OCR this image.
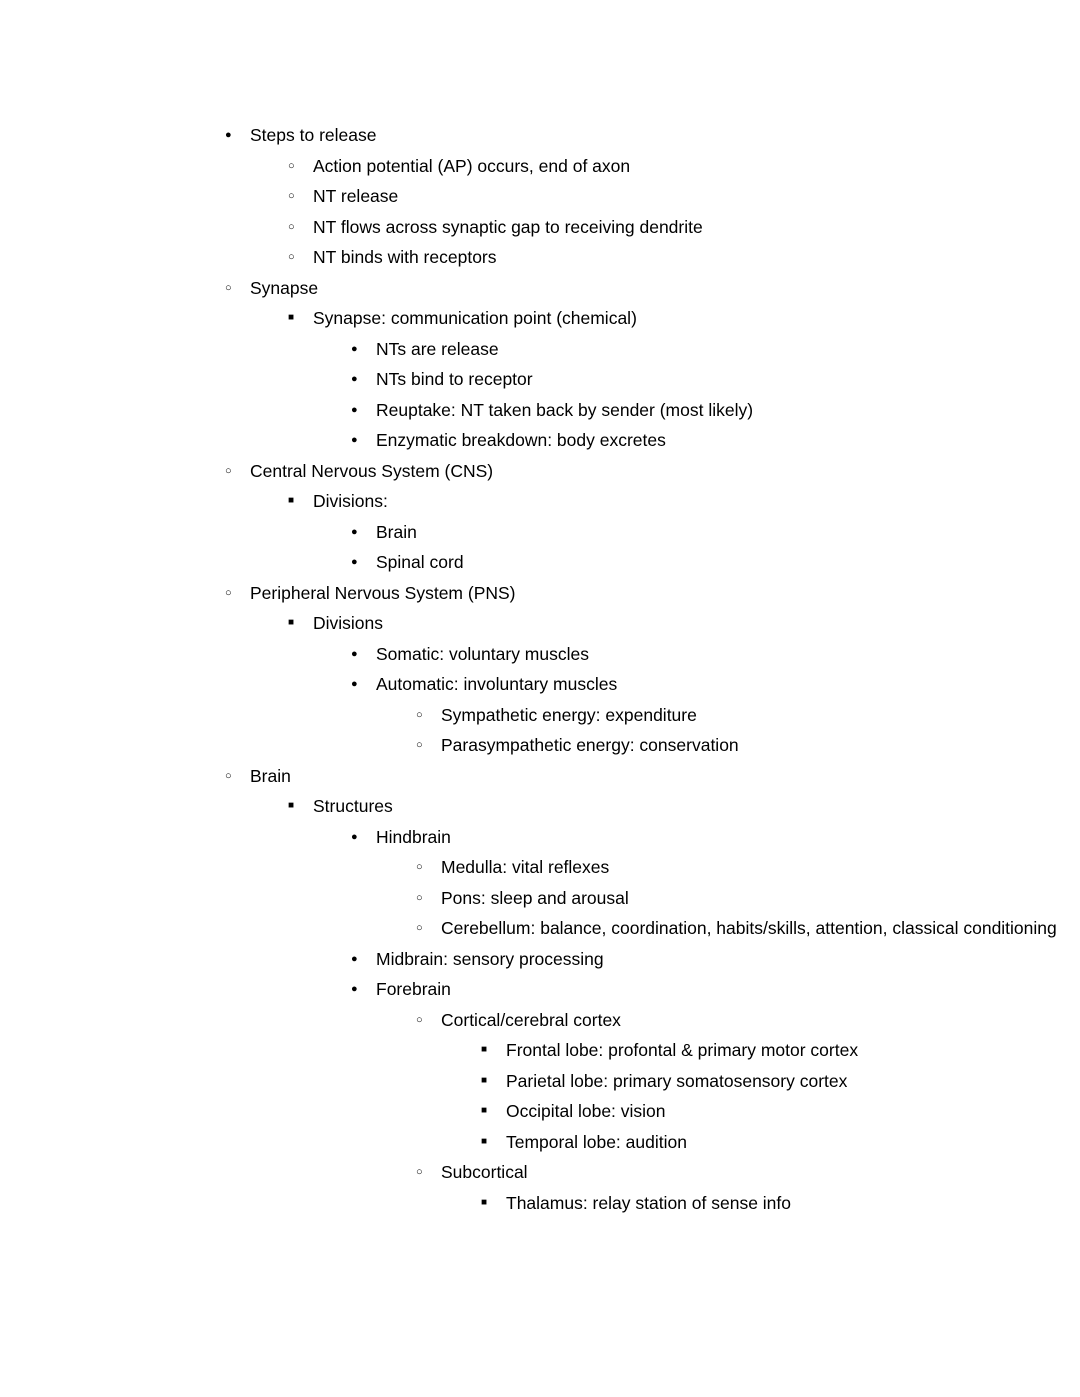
● Steps to release
○ Action potential (AP) occurs, end of axon
○ NT release
○ NT flows across synaptic gap to receiving dendrite
○ NT binds with receptors
○ Synapse
■ Synapse: communication point (chemical)
● NTs are release
● NTs bind to receptor
● Reuptake: NT taken back by sender (most likely)
● Enzymatic breakdown: body excretes
○ Central Nervous System (CNS)
■ Divisions:
● Brain
● Spinal cord
○ Peripheral Nervous System (PNS)
■ Divisions
● Somatic: voluntary muscles
● Automatic: involuntary muscles
○ Sympathetic energy: expenditure
○ Parasympathetic energy: conservation
○ Brain
■ Structures
● Hindbrain
○ Medulla: vital reflexes
○ Pons: sleep and arousal
○ Cerebellum: balance, coordination, habits/skills, attention, classical conditioning
● Midbrain: sensory processing
● Forebrain
○ Cortical/cerebral cortex
■ Frontal lobe: profontal & primary motor cortex
■ Parietal lobe: primary somatosensory cortex
■ Occipital lobe: vision
■ Temporal lobe: audition
○ Subcortical
■ Thalamus: relay station of sense info
